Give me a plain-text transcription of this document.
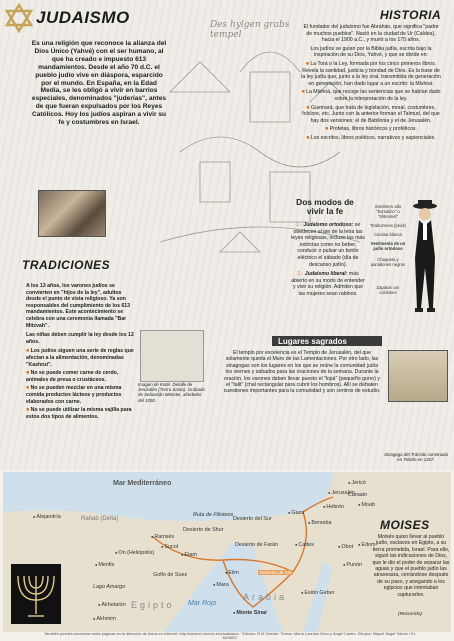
JUDAISMO	Des hylgen grabs tempel
Es una religión que reconoce la alianza del Dios Único (Yahvé) con el ser humano, al que ha creado e impuesto 613 mandamientos. Desde el año 70 d.C. el pueblo judío vive en diáspora, esparcido por el mundo. En España, en la Edad Media, se les obligó a vivir en barrios especiales, denominados "juderías", antes de que fueran expulsados por los Reyes Católicos. Hoy los judíos aspiran a vivir su fe y costumbres en Israel.
TRADICIONES
A los 13 años, los varones judíos se convierten en "hijos de la ley", adultos desde el punto de vista religioso. Ya son responsables del cumplimiento de los 613 mandamientos. Este acontecimiento se celebra con una ceremonia llamada "Bar Mitzvah".
Las niñas deben cumplir la ley desde los 12 años.
■ Los judíos siguen una serie de reglas que afectan a la alimentación, denominadas "Kashrut".
■ No se puede comer carne de cerdo, animales de presa o crustáceos.
■ No se pueden mezclar en una misma comida productos lácteos y productos elaborados con carne.
■ No se puede utilizar la misma vajilla para estos dos tipos de alimentos.
Imagen de Kotel. Detalle de Jerusalén (Tierra Santa). Grabado de Sebastián Münster, alrededor del 1550.
HISTORIA
El fundador del judaísmo fue Abrahán, que significa "padre de muchos pueblos". Nació en la ciudad de Ur (Caldea), hacia el 1900 a.C., y murió a los 175 años.
Los judíos se guían por la Biblia judía, escrita bajo la inspiración de su Dios, Yahvé, y que se divide en:
■ La Torá o la Ley, formada por los cinco primeros libros. Revela la santidad, justicia y bondad de Dios. Es la base de la ley judía que, junto a la ley oral, transmitida de generación en generación, han dado lugar a un escrito: la Mishná.
■ La Mishná, que recoge las sentencias que se habían dado sobre la interpretación de la ley.
■ Guemará, que trata de legislación, moral, costumbres, folclore, etc. Junto con la anterior forman el Talmud, del que hay dos versiones: el de Babilonia y el de Jerusalén.
■ Profetas, libros históricos y proféticos.
■ Los escritos, libros poéticos, narrativos y sapienciales.
Dos modos de vivir la fe
1.- Judaísmo ortodoxo: se obedecen al pie de la letra las leyes religiosas, incluso las más estrictas como no beber, conducir o pulsar un botón eléctrico el sábado (día de descanso judío).
2.- Judaísmo liberal: más abierto en su modo de entender y vivir su religión. Admiten que las mujeres sean rabinos.
Sombrero alto "borsalino" o "shtreimel"
Tirabuzones (peiot)
Camisa blanca
Vestimenta de un judío ortodoxo
Chaqueta y pantalones negros
Zapatos con cordones
Lugares sagrados
El templo por excelencia es el Templo de Jerusalén, del que solamente queda el Muro de las Lamentaciones. Por otro lado, las sinagogas son los lugares en los que se reúne la comunidad judía los viernes y sábados para las oraciones de la semana. Durante la oración, los varones deben llevar puesto el "kipá" (pequeño gorro) y el "talit" (chal rectangular para cubrir los hombros). Allí se debaten cuestiones importantes para la comunidad y son centros de estudio.
Sinagoga del Tránsito construida en Toledo en 1357.
Mar Mediterráneo
● Alejandría
● Jerusalén
● Jericó
● Gaza
● Ramsés
● On (Heliópolis)
● Menfis
● Elim
● Mara
● Monte Sinaí
● Cades
● Esión Geber
● Obot
● Punón
● Edom
● Moab
● Hebrón
● Berseba
Canaán
● Sucot
● Etam
● Akhetatón
Lago Amargo
● Akhmim
Rahab (Delta)
Egipto
Arabia
Desierto del Sur
Desierto de Farán
Desierto de Sin
Mar Rojo
Desierto de Shur
Ruta de Filisteos
Golfo de Suez
MOISES
Moisés quiso llevar al pueblo judío, esclavos en Egipto, a su tierra prometida, Israel. Para ello, siguió las indicaciones de Dios, que le dio el poder de separar las aguas y que el pueblo judío las atravesara, cerrándose después de su paso, y anegando a los egipcios que intentaban capturarles.
(Recorrido)
También puedes encontrar estas páginas en la dirección de Actus en Internet: http://www.el-mundo.es/ciudadano · Edición: R.M.Vicente. Textos: María Lourdes Seco y Ángel Castro. Dibujos: Miguel Ángel Toledo / EL MUNDO
